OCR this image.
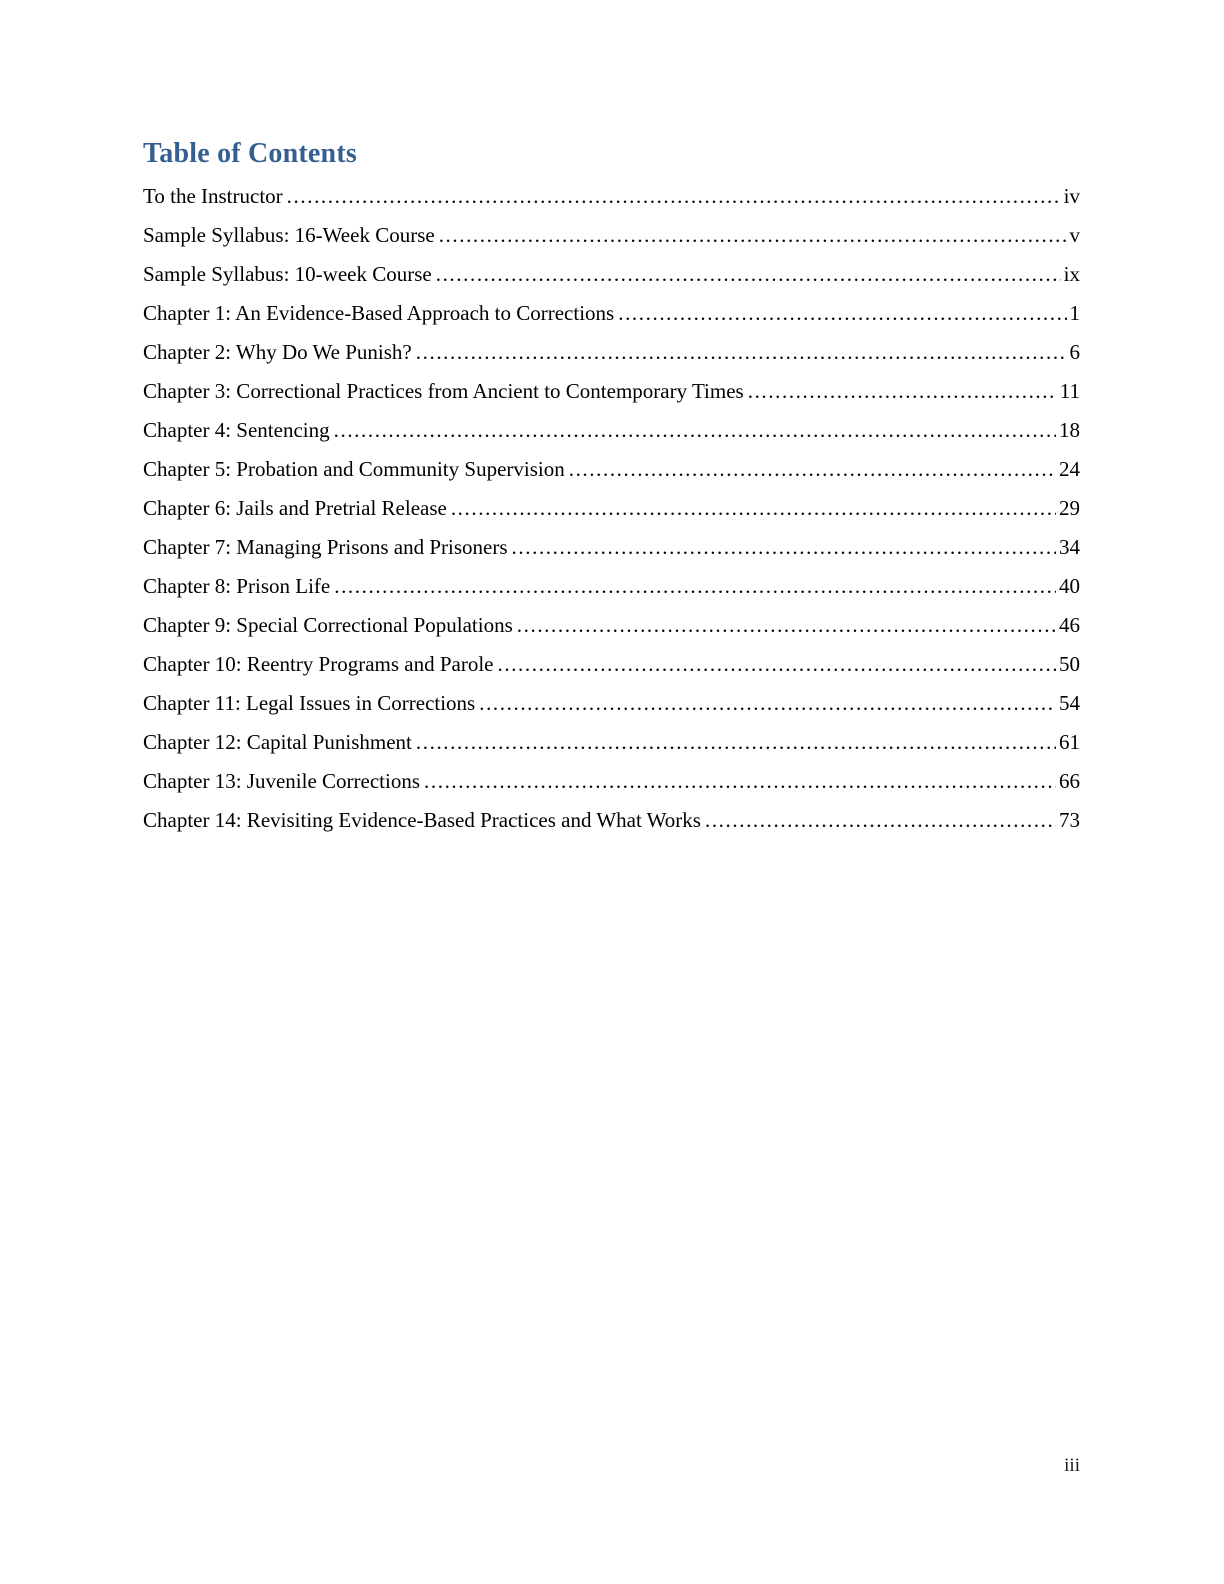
Table of Contents
To the Instructor .....	iv
Sample Syllabus: 16-Week Course .....	v
Sample Syllabus: 10-week Course .....	ix
Chapter 1: An Evidence-Based Approach to Corrections .....	1
Chapter 2: Why Do We Punish? .....	6
Chapter 3: Correctional Practices from Ancient to Contemporary Times .....	11
Chapter 4: Sentencing .....	18
Chapter 5: Probation and Community Supervision .....	24
Chapter 6: Jails and Pretrial Release .....	29
Chapter 7: Managing Prisons and Prisoners .....	34
Chapter 8: Prison Life .....	40
Chapter 9: Special Correctional Populations .....	46
Chapter 10: Reentry Programs and Parole .....	50
Chapter 11: Legal Issues in Corrections .....	54
Chapter 12: Capital Punishment .....	61
Chapter 13: Juvenile Corrections .....	66
Chapter 14: Revisiting Evidence-Based Practices and What Works .....	73
iii
